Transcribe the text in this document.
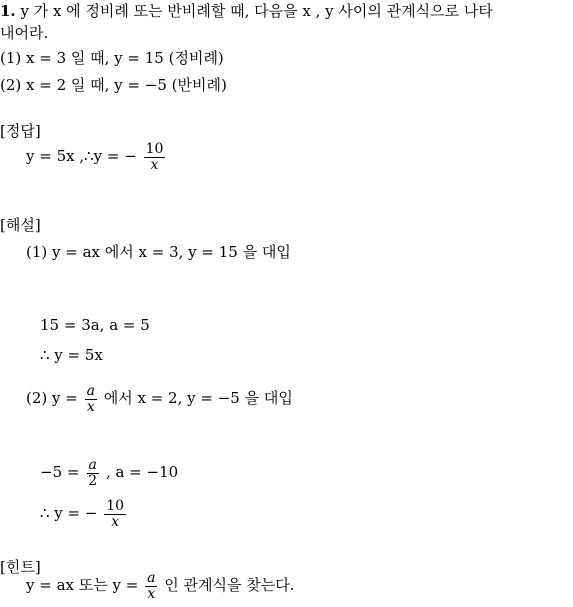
1. y 가 x 에 정비례 또는 반비례할 때, 다음을 x , y 사이의 관계식으로 나타
내어라.
(1) x = 3 일 때, y = 15 (정비례)
(2) x = 2 일 때, y = −5 (반비례)
[정답]
y = 5x ,∴y = − $\frac{10}{x}$
[해설]
(1) y = ax 에서 x = 3, y = 15 을 대입
15 = 3a, a = 5
∴ y = 5x
(2) $y = \frac{a}{x}$ 에서 x = 2, y = −5 을 대입
$-5 = \frac{a}{2}$ , a = −10
∴ y = − $\frac{10}{x}$
[힌트]
y = ax 또는 $y = \frac{a}{x}$ 인 관계식을 찾는다.
